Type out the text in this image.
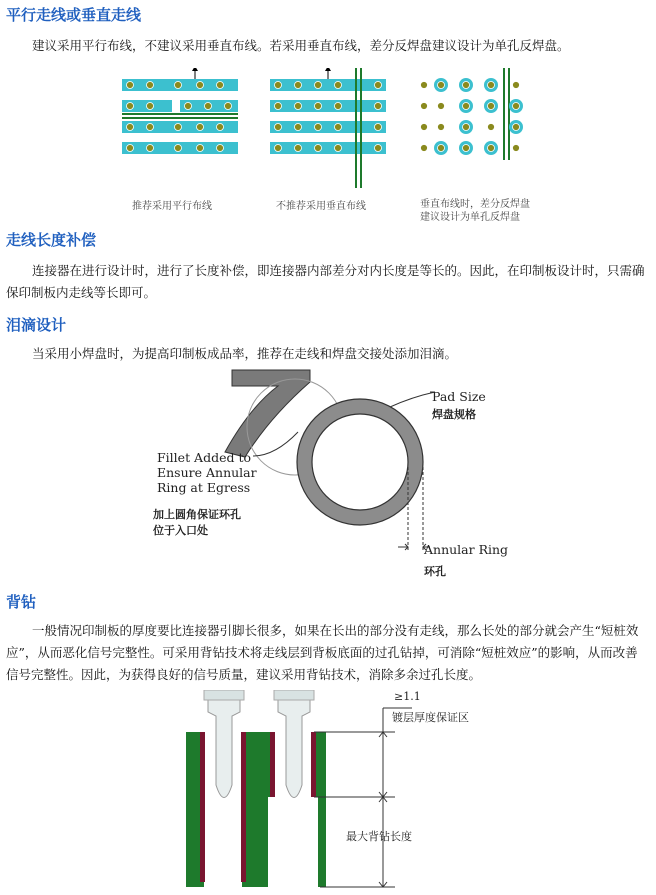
平行走线或垂直走线

建议采用平行布线，不建议采用垂直布线。若采用垂直布线，差分反焊盘建议设计为单孔反焊盘。

推荐采用平行布线	不推荐采用垂直布线	垂直布线时，差分反焊盘
建议设计为单孔反焊盘
走线长度补偿

连接器在进行设计时，进行了长度补偿，即连接器内部差分对内长度是等长的。因此，在印制板设计时，只需确保印制板内走线等长即可。

泪滴设计

当采用小焊盘时，为提高印制板成品率，推荐在走线和焊盘交接处添加泪滴。

Pad Size
焊盘规格
Fillet Added to
Ensure Annular
Ring at Egress
加上圆角保证环孔
位于入口处
Annular Ring
环孔
背钻

一般情况印制板的厚度要比连接器引脚长很多，如果在长出的部分没有走线，那么长处的部分就会产生“短桩效应”，从而恶化信号完整性。可采用背钻技术将走线层到背板底面的过孔钻掉，可消除“短桩效应”的影响，从而改善信号完整性。因此，为获得良好的信号质量，建议采用背钻技术，消除多余过孔长度。

≥1.1
镀层厚度保证区
最大背钻长度
